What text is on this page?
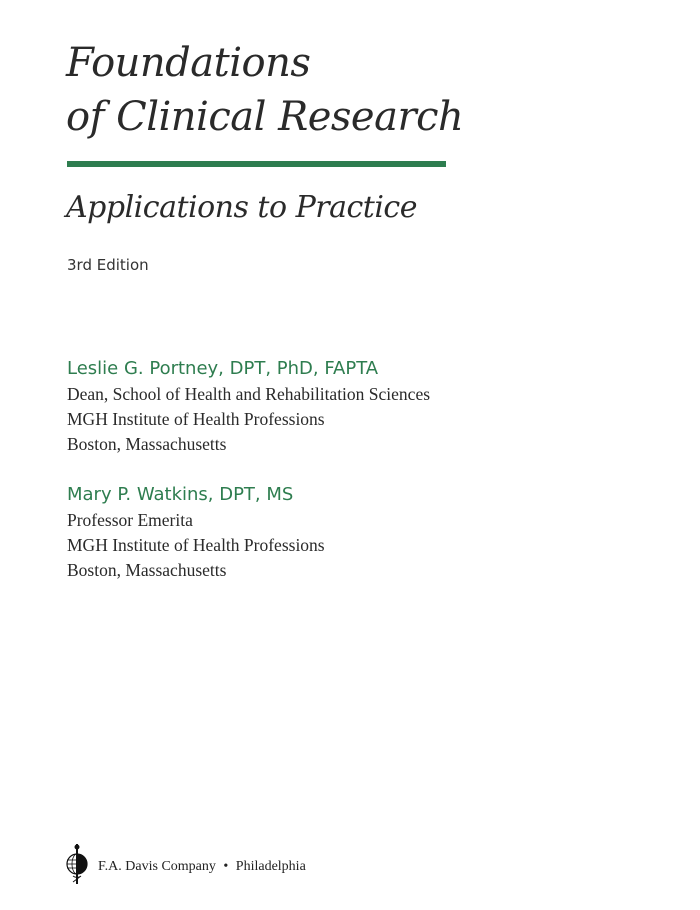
Foundations
of Clinical Research
Applications to Practice
3rd Edition
Leslie G. Portney, DPT, PhD, FAPTA
Dean, School of Health and Rehabilitation Sciences
MGH Institute of Health Professions
Boston, Massachusetts
Mary P. Watkins, DPT, MS
Professor Emerita
MGH Institute of Health Professions
Boston, Massachusetts
F.A. Davis Company • Philadelphia
